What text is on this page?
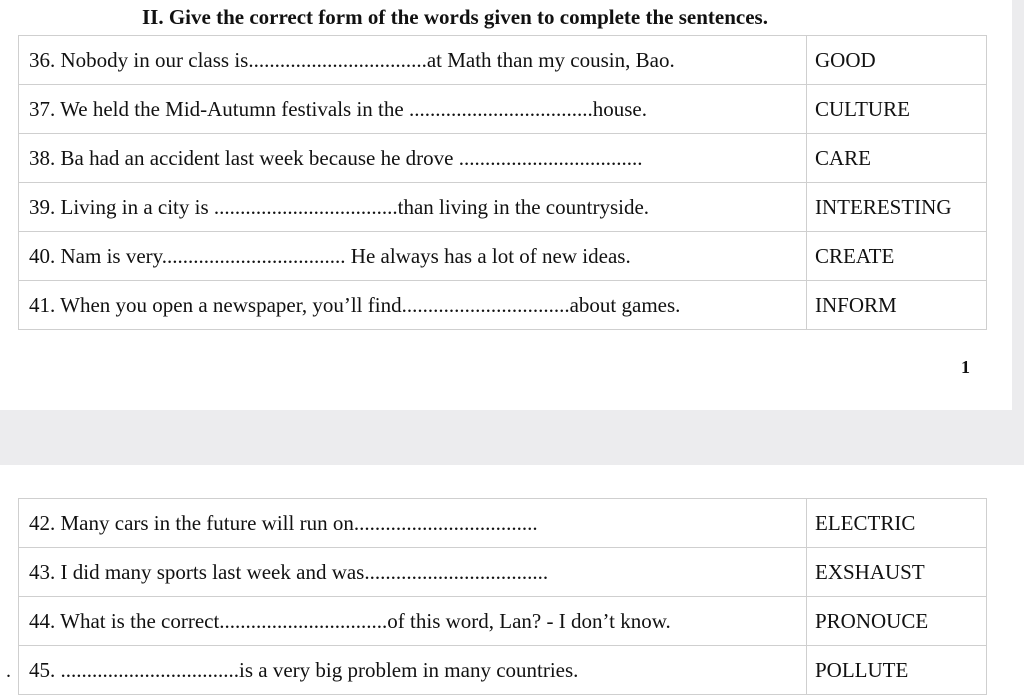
II. Give the correct form of the words given to complete the sentences.
36. Nobody in our class is..................................at Math than my cousin, Bao.	GOOD
37. We held the Mid-Autumn festivals in the ...................................house.	CULTURE
38. Ba had an accident last week because he drove ...................................	CARE
39. Living in a city is ...................................than living in the countryside.	INTERESTING
40. Nam is very................................... He always has a lot of new ideas.	CREATE
41. When you open a newspaper, you’ll find................................about games.	INFORM
1
42. Many cars in the future will run on...................................	ELECTRIC
43. I did many sports last week and was...................................	EXSHAUST
44. What is the correct................................of this word, Lan? - I don’t know.	PRONOUCE
45. ..................................is a very big problem in many countries.	POLLUTE
.
